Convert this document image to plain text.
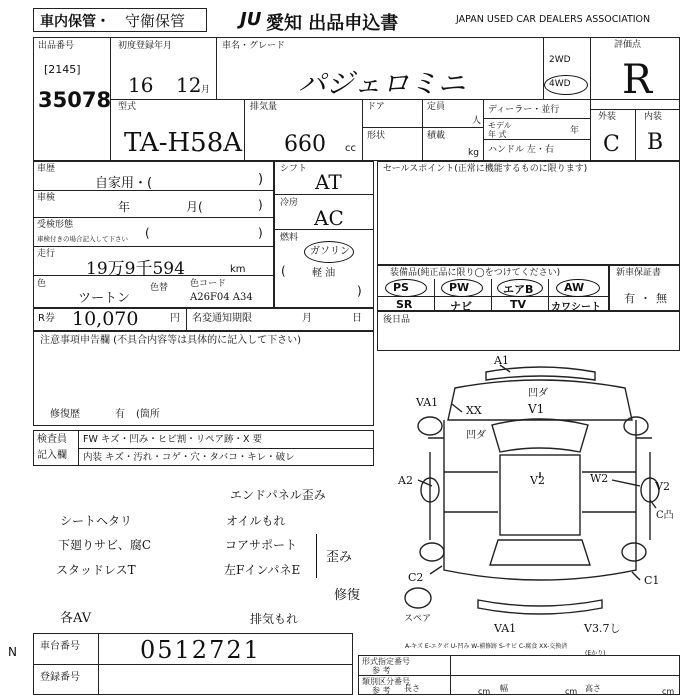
車内保管・ 守衛保管	JU 愛知 出品申込書	JAPAN USED CAR DEALERS ASSOCIATION
出品番号
[2145]
35078
初度登録年月
16 12 月
車名・グレード
パジェロミニ
2WD
4WD
評価点
R
外装	内装
C B
型式
TA-H58A
排気量
660 cc
ドア
形状
定員
人
積載
kg
ディーラー・並行
モデル
年 式	年
ハンドル 左・右
車歴
自家用・(	)
車検
年	月(	)
受検形態
車検付きの場合記入して下さい (	)
走行
19万9千594	km
色
ツートン
色替 色コード
A26F04 A34
シフト
AT
冷房
AC
燃料
(
ガソリン
軽 油
)
セールスポイント(正常に機能するものに限ります)
装備品(純正品に限り◯をつけてください)
PS	PW	エアB	AW
SR	ナビ	TV カワシート
新車保証書
有 ・ 無
R券 10,070	円 名変通知期限	月	日 後日品
注意事項申告欄 (不具合内容等は具体的に記入して下さい)
修復歴	有 (箇所
検査員
記入欄
FW キズ・凹み・ヒビ割・リペア跡・X 要
内装 キズ・汚れ・コゲ・穴・タバコ・キレ・破レ
エンドパネル歪み
シートヘタリ	オイルもれ
下廻りサビ、腐C	コアサポート
スタッドレスT	左FインパネE
歪み
修復
各AV	排気もれ
N 車台番号	0512721
登録番号
形式指定番号
参 考
類別区分番号
参 考 長さ	cm 幅	cm 高さ	cm
A1
VA1
XX
凹ダ
凹ダ
V1
A2	V2	W2
V2
C凸
C2	C1
スペア
VA1	V3.7し
A-キズ E-エクボ U-凹み W-補修跡 S-サビ C-腐食 XX-交換済
(Eかり)
